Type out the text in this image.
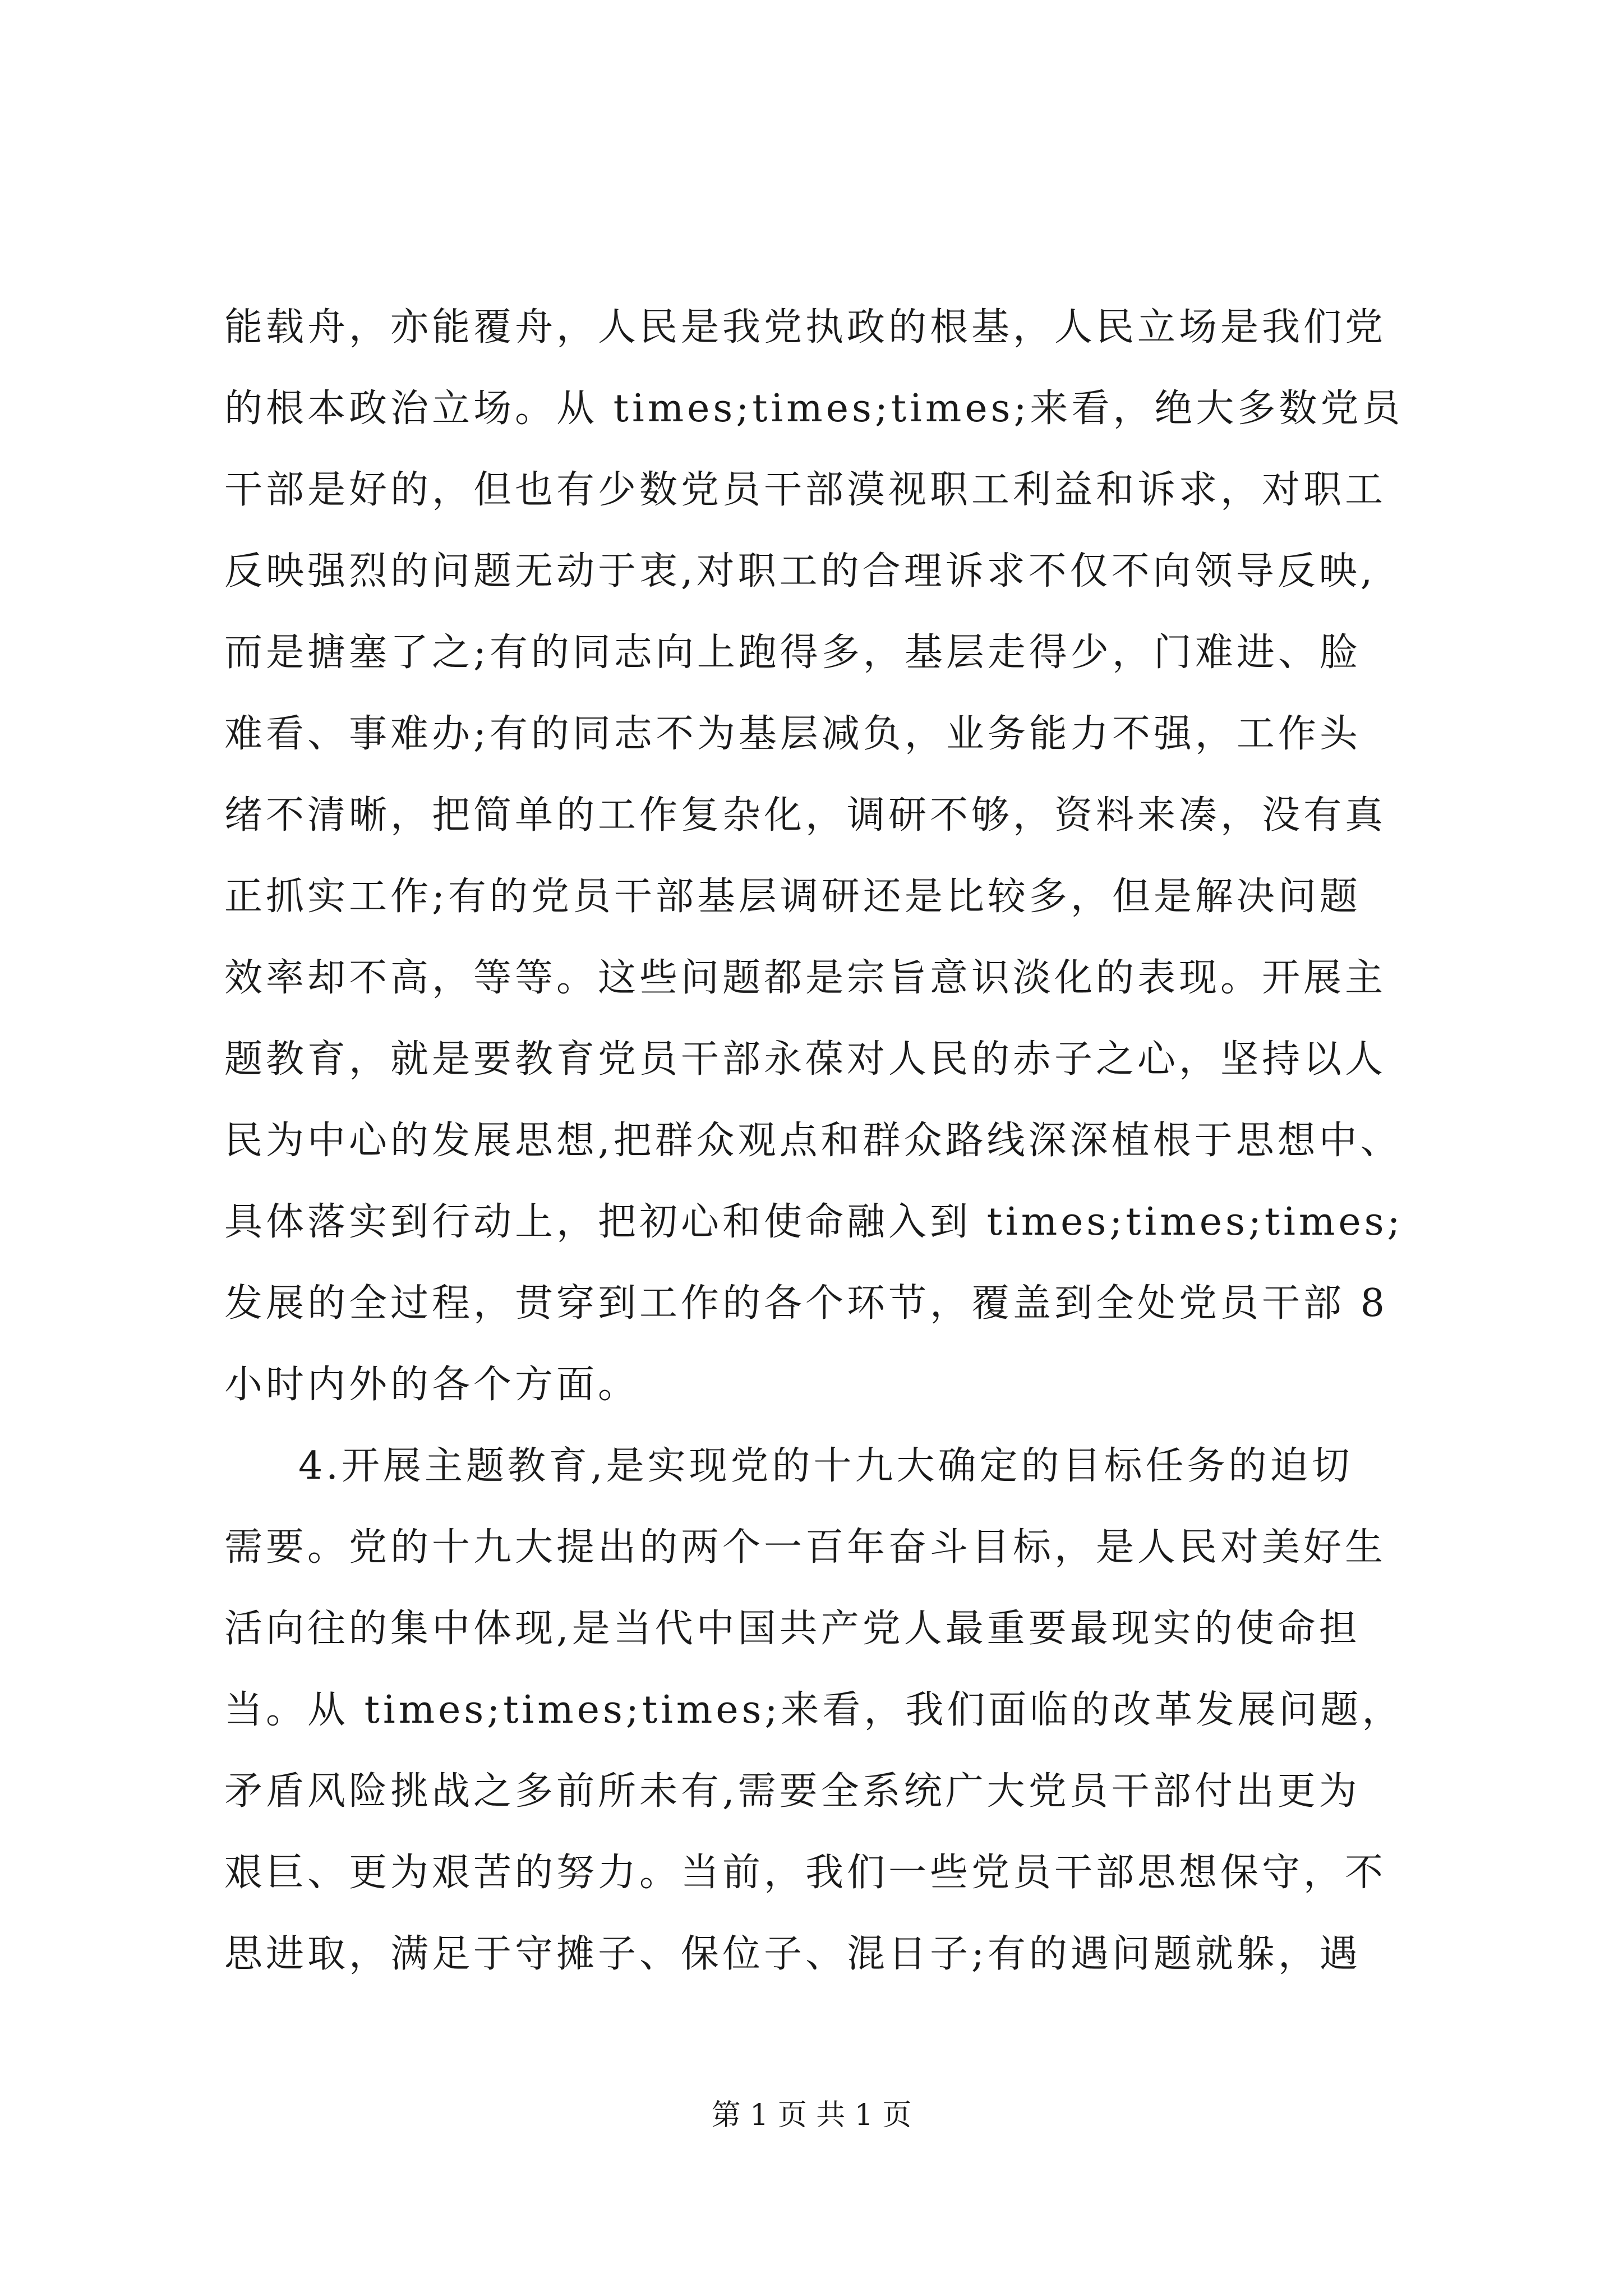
能载舟，亦能覆舟，人民是我党执政的根基，人民立场是我们党
的根本政治立场。从 times;times;times;来看，绝大多数党员
干部是好的，但也有少数党员干部漠视职工利益和诉求，对职工
反映强烈的问题无动于衷,对职工的合理诉求不仅不向领导反映,
而是搪塞了之;有的同志向上跑得多，基层走得少，门难进、脸
难看、事难办;有的同志不为基层减负，业务能力不强，工作头
绪不清晰，把简单的工作复杂化，调研不够，资料来凑，没有真
正抓实工作;有的党员干部基层调研还是比较多，但是解决问题
效率却不高，等等。这些问题都是宗旨意识淡化的表现。开展主
题教育，就是要教育党员干部永葆对人民的赤子之心，坚持以人
民为中心的发展思想,把群众观点和群众路线深深植根于思想中、
具体落实到行动上，把初心和使命融入到 times;times;times;
发展的全过程，贯穿到工作的各个环节，覆盖到全处党员干部 8
小时内外的各个方面。
4.开展主题教育,是实现党的十九大确定的目标任务的迫切
需要。党的十九大提出的两个一百年奋斗目标，是人民对美好生
活向往的集中体现,是当代中国共产党人最重要最现实的使命担
当。从 times;times;times;来看，我们面临的改革发展问题，
矛盾风险挑战之多前所未有,需要全系统广大党员干部付出更为
艰巨、更为艰苦的努力。当前，我们一些党员干部思想保守，不
思进取，满足于守摊子、保位子、混日子;有的遇问题就躲，遇
第 1 页 共 1 页
